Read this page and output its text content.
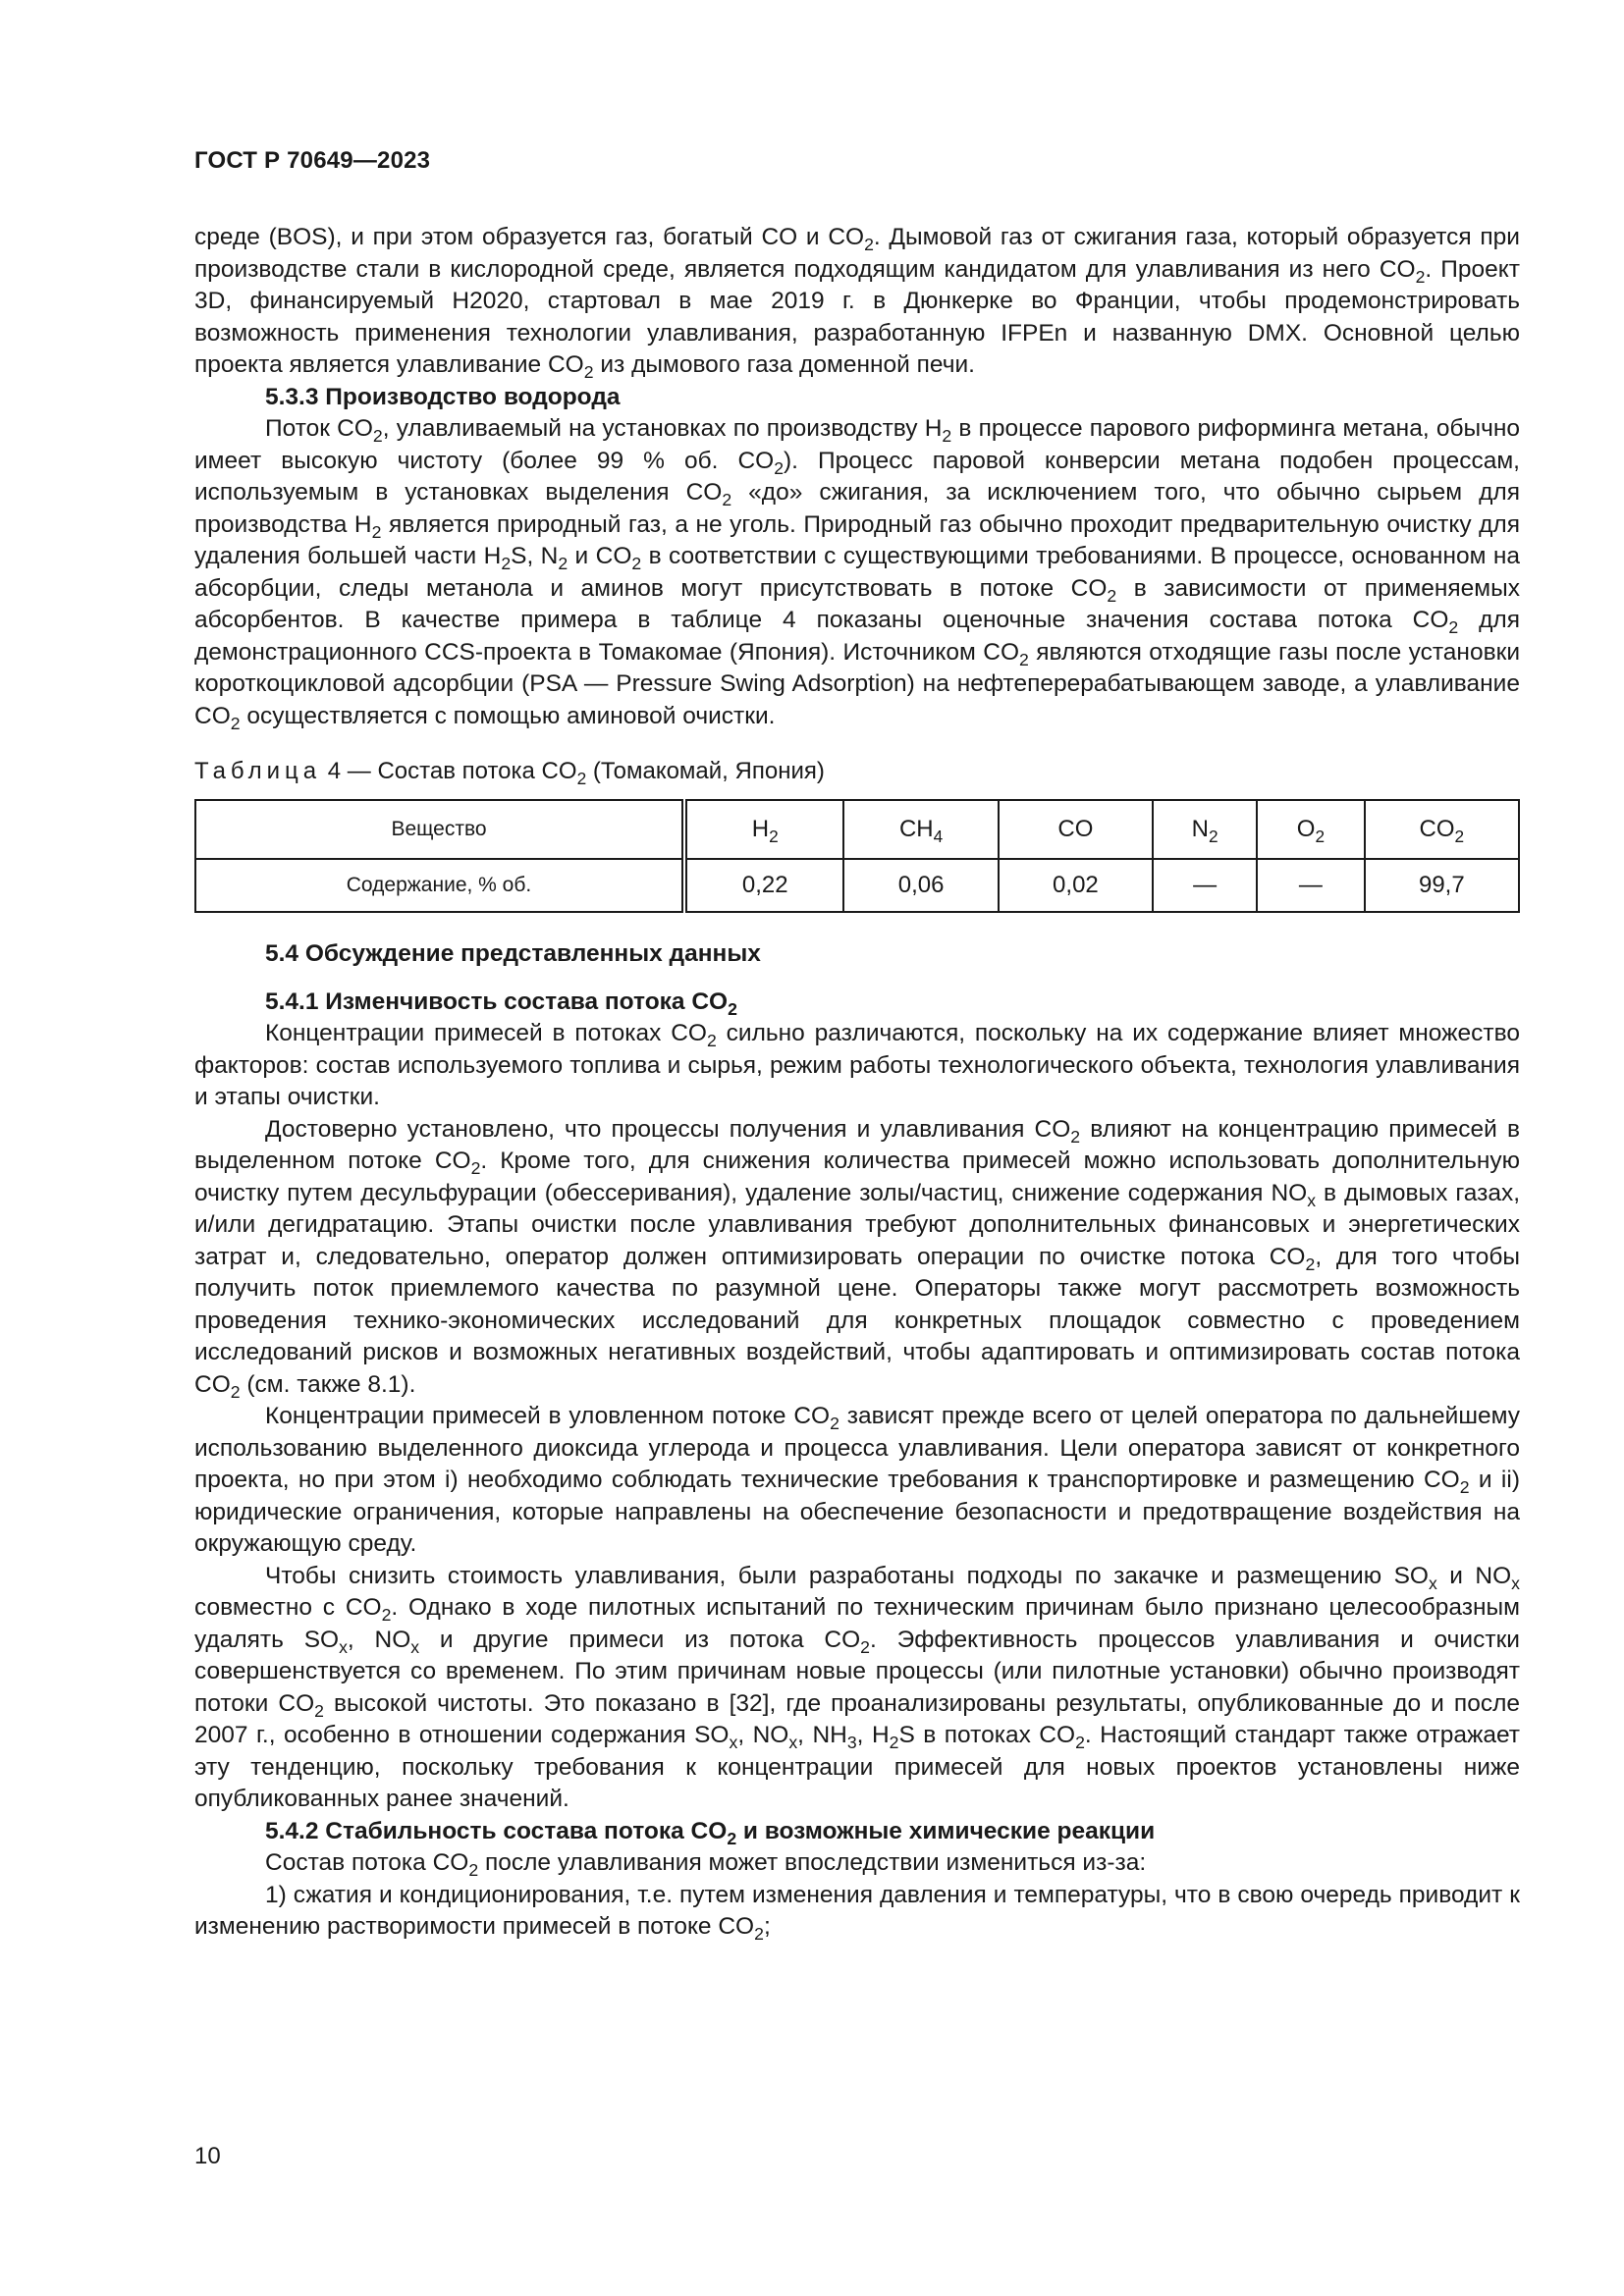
ГОСТ Р 70649—2023

среде (BOS), и при этом образуется газ, богатый CO и $CO_2$. Дымовой газ от сжигания газа, который образуется при производстве стали в кислородной среде, является подходящим кандидатом для улавливания из него $CO_2$. Проект 3D, финансируемый H2020, стартовал в мае 2019 г. в Дюнкерке во Франции, чтобы продемонстрировать возможность применения технологии улавливания, разработанную IFPEn и названную DMX. Основной целью проекта является улавливание $CO_2$ из дымового газа доменной печи.

5.3.3 Производство водорода

Поток $CO_2$, улавливаемый на установках по производству $H_2$ в процессе парового риформинга метана, обычно имеет высокую чистоту (более 99 % об. $CO_2$). Процесс паровой конверсии метана подобен процессам, используемым в установках выделения $CO_2$ «до» сжигания, за исключением того, что обычно сырьем для производства $H_2$ является природный газ, а не уголь. Природный газ обычно проходит предварительную очистку для удаления большей части $H_2S$, $N_2$ и $CO_2$ в соответствии с существующими требованиями. В процессе, основанном на абсорбции, следы метанола и аминов могут присутствовать в потоке $CO_2$ в зависимости от применяемых абсорбентов. В качестве примера в таблице 4 показаны оценочные значения состава потока $CO_2$ для демонстрационного CCS-проекта в Томакомае (Япония). Источником $CO_2$ являются отходящие газы после установки короткоцикловой адсорбции (PSA — Pressure Swing Adsorption) на нефтеперерабатывающем заводе, а улавливание $CO_2$ осуществляется с помощью аминовой очистки.

Таблица 4 — Состав потока $CO_2$ (Томакомай, Япония)
Вещество	$H_2$	$CH_4$	CO	$N_2$	$O_2$	$CO_2$
Содержание, % об.	0,22	0,06	0,02	—	—	99,7

5.4 Обсуждение представленных данных

5.4.1 Изменчивость состава потока $CO_2$

Концентрации примесей в потоках $CO_2$ сильно различаются, поскольку на их содержание влияет множество факторов: состав используемого топлива и сырья, режим работы технологического объекта, технология улавливания и этапы очистки.

Достоверно установлено, что процессы получения и улавливания $CO_2$ влияют на концентрацию примесей в выделенном потоке $CO_2$. Кроме того, для снижения количества примесей можно использовать дополнительную очистку путем десульфурации (обессеривания), удаление золы/частиц, снижение содержания $NO_x$ в дымовых газах, и/или дегидратацию. Этапы очистки после улавливания требуют дополнительных финансовых и энергетических затрат и, следовательно, оператор должен оптимизировать операции по очистке потока $CO_2$, для того чтобы получить поток приемлемого качества по разумной цене. Операторы также могут рассмотреть возможность проведения технико-экономических исследований для конкретных площадок совместно с проведением исследований рисков и возможных негативных воздействий, чтобы адаптировать и оптимизировать состав потока $CO_2$ (см. также 8.1).

Концентрации примесей в уловленном потоке $CO_2$ зависят прежде всего от целей оператора по дальнейшему использованию выделенного диоксида углерода и процесса улавливания. Цели оператора зависят от конкретного проекта, но при этом i) необходимо соблюдать технические требования к транспортировке и размещению $CO_2$ и ii) юридические ограничения, которые направлены на обеспечение безопасности и предотвращение воздействия на окружающую среду.

Чтобы снизить стоимость улавливания, были разработаны подходы по закачке и размещению $SO_x$ и $NO_x$ совместно с $CO_2$. Однако в ходе пилотных испытаний по техническим причинам было признано целесообразным удалять $SO_x$, $NO_x$ и другие примеси из потока $CO_2$. Эффективность процессов улавливания и очистки совершенствуется со временем. По этим причинам новые процессы (или пилотные установки) обычно производят потоки $CO_2$ высокой чистоты. Это показано в [32], где проанализированы результаты, опубликованные до и после 2007 г., особенно в отношении содержания $SO_x$, $NO_x$, $NH_3$, $H_2S$ в потоках $CO_2$. Настоящий стандарт также отражает эту тенденцию, поскольку требования к концентрации примесей для новых проектов установлены ниже опубликованных ранее значений.

5.4.2 Стабильность состава потока $CO_2$ и возможные химические реакции

Состав потока $CO_2$ после улавливания может впоследствии измениться из-за:

1) сжатия и кондиционирования, т.е. путем изменения давления и температуры, что в свою очередь приводит к изменению растворимости примесей в потоке $CO_2$;

10
